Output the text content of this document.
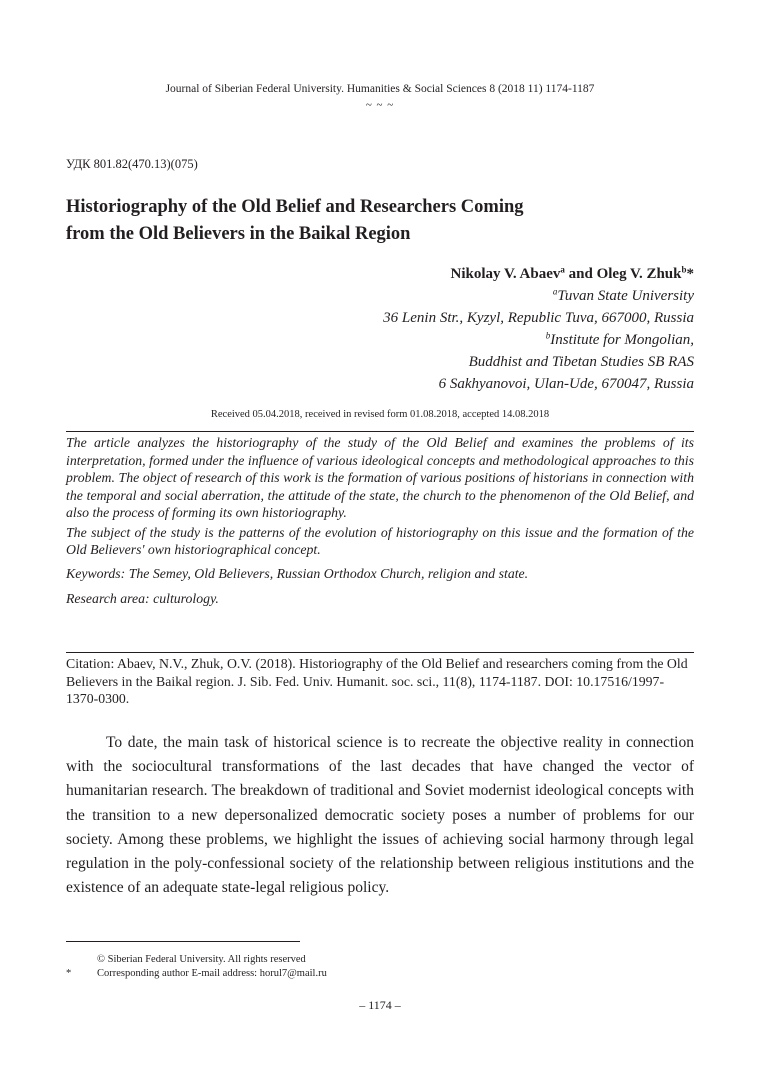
Journal of Siberian Federal University. Humanities & Social Sciences 8 (2018 11) 1174-1187
~ ~ ~
УДК 801.82(470.13)(075)
Historiography of the Old Belief and Researchers Coming
from the Old Believers in the Baikal Region
Nikolay V. Abaev$^a$ and Oleg V. Zhuk$^b$*
$^a$Tuvan State University
36 Lenin Str., Kyzyl, Republic Tuva, 667000, Russia
$^b$Institute for Mongolian,
Buddhist and Tibetan Studies SB RAS
6 Sakhyanovoi, Ulan-Ude, 670047, Russia
Received 05.04.2018, received in revised form 01.08.2018, accepted 14.08.2018

The article analyzes the historiography of the study of the Old Belief and examines the problems of its interpretation, formed under the influence of various ideological concepts and methodological approaches to this problem. The object of research of this work is the formation of various positions of historians in connection with the temporal and social aberration, the attitude of the state, the church to the phenomenon of the Old Belief, and also the process of forming its own historiography.

The subject of the study is the patterns of the evolution of historiography on this issue and the formation of the Old Believers' own historiographical concept.

Keywords: The Semey, Old Believers, Russian Orthodox Church, religion and state.

Research area: culturology.

Citation: Abaev, N.V., Zhuk, O.V. (2018). Historiography of the Old Belief and researchers coming from the Old Believers in the Baikal region. J. Sib. Fed. Univ. Humanit. soc. sci., 11(8), 1174-1187. DOI: 10.17516/1997-1370-0300.

To date, the main task of historical science is to recreate the objective reality in connection with the sociocultural transformations of the last decades that have changed the vector of humanitarian research. The breakdown of traditional and Soviet modernist ideological concepts with the transition to a new depersonalized democratic society poses a number of problems for our society. Among these problems, we highlight the issues of achieving social harmony through legal regulation in the poly-confessional society of the relationship between religious institutions and the existence of an adequate state-legal religious policy.

© Siberian Federal University. All rights reserved
* Corresponding author E-mail address: horul7@mail.ru
– 1174 –
